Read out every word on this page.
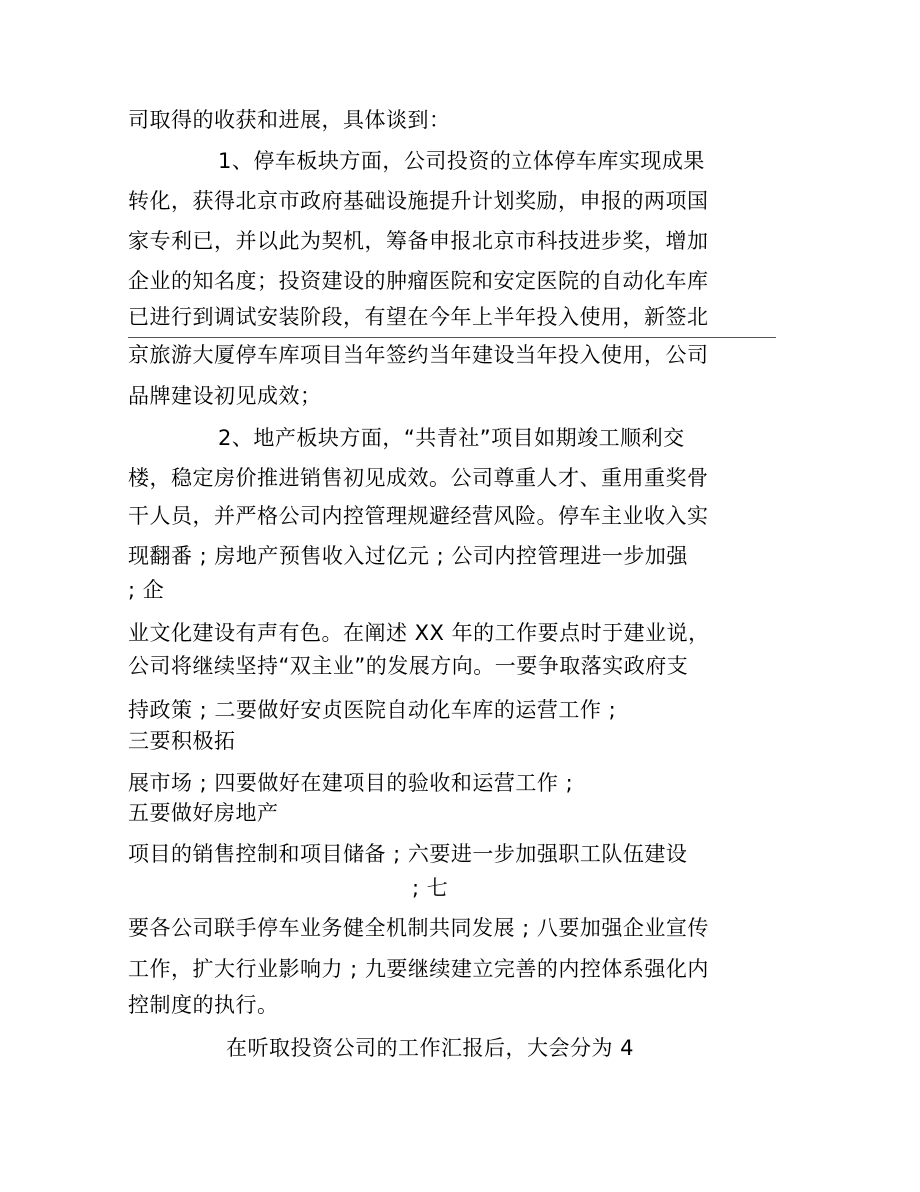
司取得的收获和进展，具体谈到：
1、停车板块方面，公司投资的立体停车库实现成果
转化，获得北京市政府基础设施提升计划奖励，申报的两项国
家专利已，并以此为契机，筹备申报北京市科技进步奖，增加
企业的知名度；投资建设的肿瘤医院和安定医院的自动化车库
已进行到调试安装阶段，有望在今年上半年投入使用，新签北
京旅游大厦停车库项目当年签约当年建设当年投入使用，公司
品牌建设初见成效；
2、地产板块方面，“共青社”项目如期竣工顺利交
楼，稳定房价推进销售初见成效。公司尊重人才、重用重奖骨
干人员，并严格公司内控管理规避经营风险。停车主业收入实
现翻番 ; 房地产预售收入过亿元 ; 公司内控管理进一步加强
; 企
业文化建设有声有色。在阐述 XX 年的工作要点时于建业说，
公司将继续坚持“双主业”的发展方向。一要争取落实政府支
持政策 ; 二要做好安贞医院自动化车库的运营工作 ;
三要积极拓
展市场 ; 四要做好在建项目的验收和运营工作 ;
五要做好房地产
项目的销售控制和项目储备 ; 六要进一步加强职工队伍建设
; 七
要各公司联手停车业务健全机制共同发展 ; 八要加强企业宣传
工作，扩大行业影响力 ; 九要继续建立完善的内控体系强化内
控制度的执行。
在听取投资公司的工作汇报后，大会分为 4
